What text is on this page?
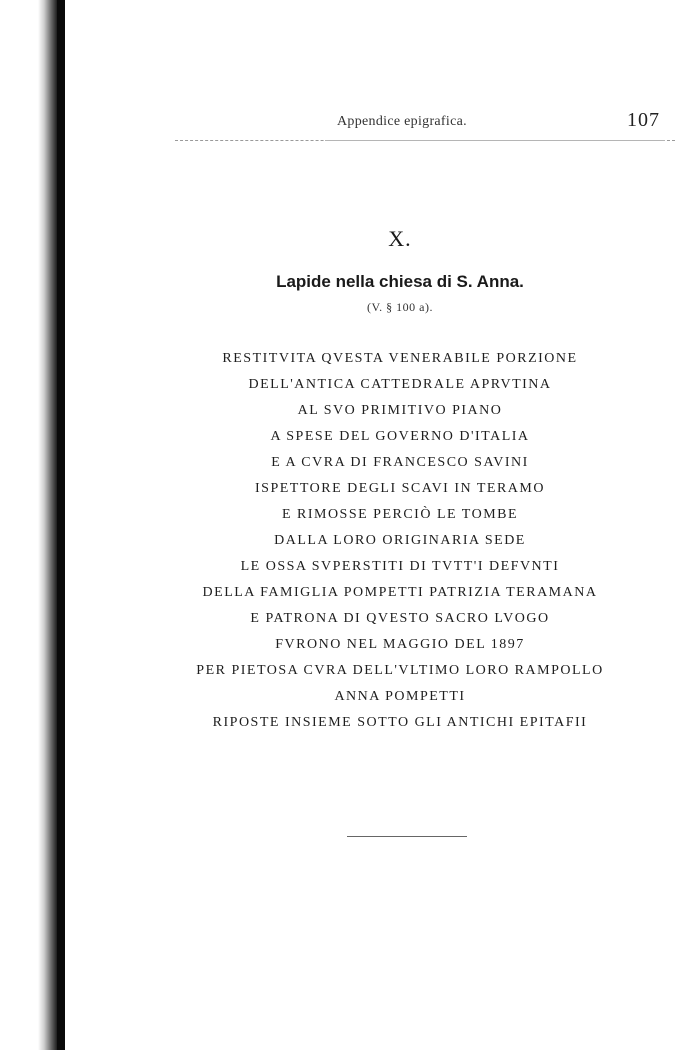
Appendice epigrafica.	107
X.
Lapide nella chiesa di S. Anna.
(V. § 100 a).
RESTITVITA QVESTA VENERABILE PORZIONE
DELL'ANTICA CATTEDRALE APRVTINA
AL SVO PRIMITIVO PIANO
A SPESE DEL GOVERNO D'ITALIA
E A CVRA DI FRANCESCO SAVINI
ISPETTORE DEGLI SCAVI IN TERAMO
E RIMOSSE PERCIÒ LE TOMBE
DALLA LORO ORIGINARIA SEDE
LE OSSA SVPERSTITI DI TVTT'I DEFVNTI
DELLA FAMIGLIA POMPETTI PATRIZIA TERAMANA
E PATRONA DI QVESTO SACRO LVOGO
FVRONO NEL MAGGIO DEL 1897
PER PIETOSA CVRA DELL'VLTIMO LORO RAMPOLLO
ANNA POMPETTI
RIPOSTE INSIEME SOTTO GLI ANTICHI EPITAFII
